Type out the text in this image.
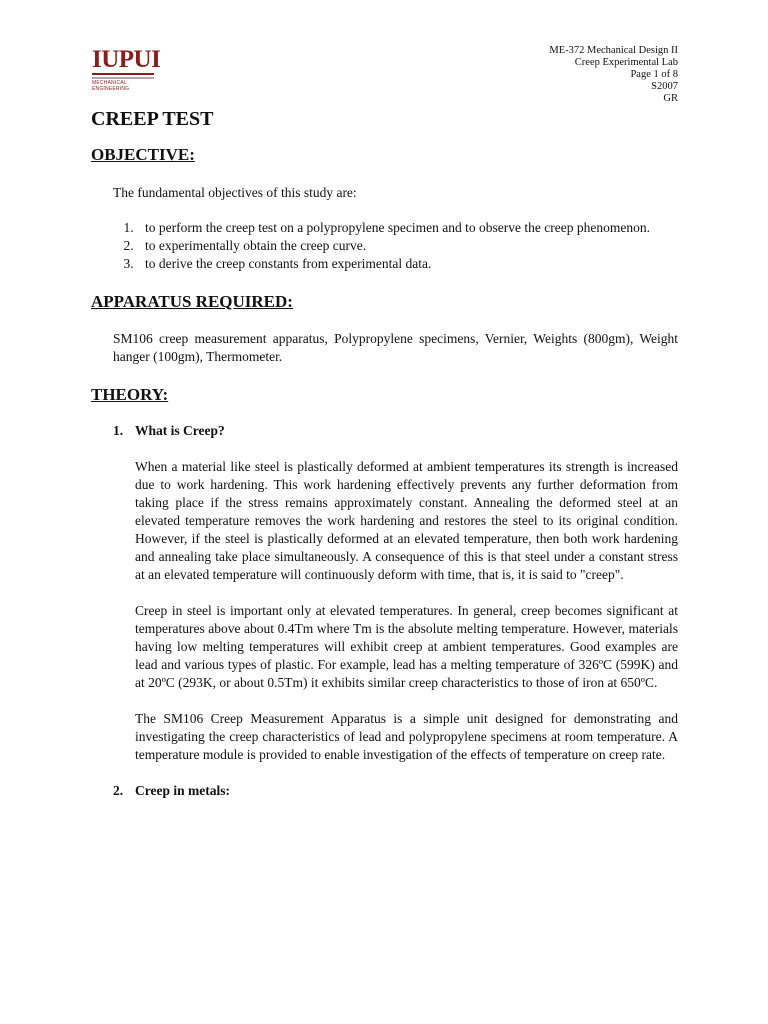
IUPUI
MECHANICAL ENGINEERING
ME-372 Mechanical Design II
Creep Experimental Lab
Page 1 of 8
S2007
GR
CREEP TEST
OBJECTIVE:

The fundamental objectives of this study are:

1. to perform the creep test on a polypropylene specimen and to observe the creep phenomenon.
2. to experimentally obtain the creep curve.
3. to derive the creep constants from experimental data.
APPARATUS REQUIRED:

SM106 creep measurement apparatus, Polypropylene specimens, Vernier, Weights (800gm), Weight hanger (100gm), Thermometer.

THEORY:
1. What is Creep?

When a material like steel is plastically deformed at ambient temperatures its strength is increased due to work hardening. This work hardening effectively prevents any further deformation from taking place if the stress remains approximately constant. Annealing the deformed steel at an elevated temperature removes the work hardening and restores the steel to its original condition. However, if the steel is plastically deformed at an elevated temperature, then both work hardening and annealing take place simultaneously. A consequence of this is that steel under a constant stress at an elevated temperature will continuously deform with time, that is, it is said to "creep".

Creep in steel is important only at elevated temperatures. In general, creep becomes significant at temperatures above about 0.4Tm where Tm is the absolute melting temperature. However, materials having low melting temperatures will exhibit creep at ambient temperatures. Good examples are lead and various types of plastic. For example, lead has a melting temperature of 326ºC (599K) and at 20ºC (293K, or about 0.5Tm) it exhibits similar creep characteristics to those of iron at 650ºC.

The SM106 Creep Measurement Apparatus is a simple unit designed for demonstrating and investigating the creep characteristics of lead and polypropylene specimens at room temperature. A temperature module is provided to enable investigation of the effects of temperature on creep rate.

2. Creep in metals:
